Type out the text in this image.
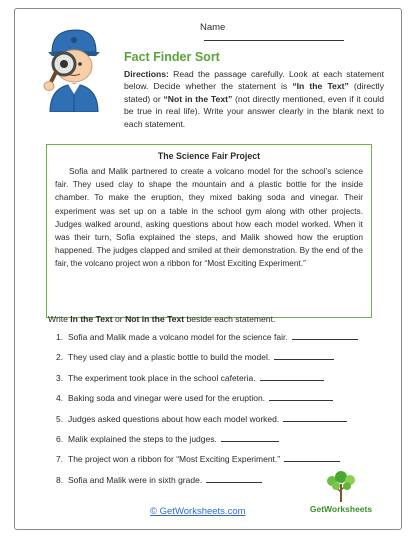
Name
Fact Finder Sort
Directions: Read the passage carefully. Look at each statement below. Decide whether the statement is “In the Text” (directly stated) or “Not in the Text” (not directly mentioned, even if it could be true in real life). Write your answer clearly in the blank next to each statement.
The Science Fair Project
Sofia and Malik partnered to create a volcano model for the school’s science fair. They used clay to shape the mountain and a plastic bottle for the inside chamber. To make the eruption, they mixed baking soda and vinegar. Their experiment was set up on a table in the school gym along with other projects. Judges walked around, asking questions about how each model worked. When it was their turn, Sofia explained the steps, and Malik showed how the eruption happened. The judges clapped and smiled at their demonstration. By the end of the fair, the volcano project won a ribbon for “Most Exciting Experiment.”
Write In the Text or Not in the Text beside each statement.
1. Sofia and Malik made a volcano model for the science fair.
2. They used clay and a plastic bottle to build the model.
3. The experiment took place in the school cafeteria.
4. Baking soda and vinegar were used for the eruption.
5. Judges asked questions about how each model worked.
6. Malik explained the steps to the judges.
7. The project won a ribbon for “Most Exciting Experiment.”
8. Sofia and Malik were in sixth grade.
GetWorksheets
© GetWorksheets.com
